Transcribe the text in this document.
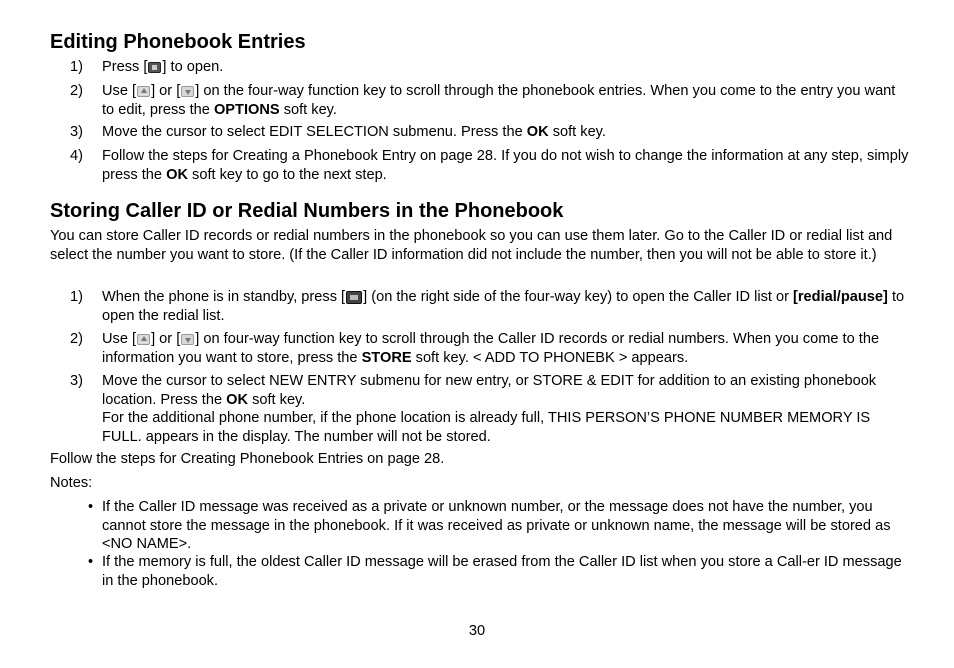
Editing Phonebook Entries
1) Press [ ] to open.
2) Use [ ] or [ ] on the four-way function key to scroll through the phonebook entries. When you come to the entry you want to edit, press the OPTIONS soft key.
3) Move the cursor to select EDIT SELECTION submenu. Press the OK soft key.
4) Follow the steps for Creating a Phonebook Entry on page 28. If you do not wish to change the information at any step, simply press the OK soft key to go to the next step.
Storing Caller ID or Redial Numbers in the Phonebook
You can store Caller ID records or redial numbers in the phonebook so you can use them later. Go to the Caller ID or redial list and select the number you want to store. (If the Caller ID information did not include the number, then you will not be able to store it.)
1) When the phone is in standby, press [ ] (on the right side of the four-way key) to open the Caller ID list or [redial/pause] to open the redial list.
2) Use [ ] or [ ] on four-way function key to scroll through the Caller ID records or redial numbers. When you come to the information you want to store, press the STORE soft key. < ADD TO PHONEBK > appears.
3) Move the cursor to select NEW ENTRY submenu for new entry, or STORE & EDIT for addition to an existing phonebook location. Press the OK soft key.
For the additional phone number, if the phone location is already full, THIS PERSON’S PHONE NUMBER MEMORY IS FULL. appears in the display. The number will not be stored.
Follow the steps for Creating Phonebook Entries on page 28.
Notes:
• If the Caller ID message was received as a private or unknown number, or the message does not have the number, you cannot store the message in the phonebook. If it was received as private or unknown name, the message will be stored as <NO NAME>.
• If the memory is full, the oldest Caller ID message will be erased from the Caller ID list when you store a Call-er ID message in the phonebook.
30
